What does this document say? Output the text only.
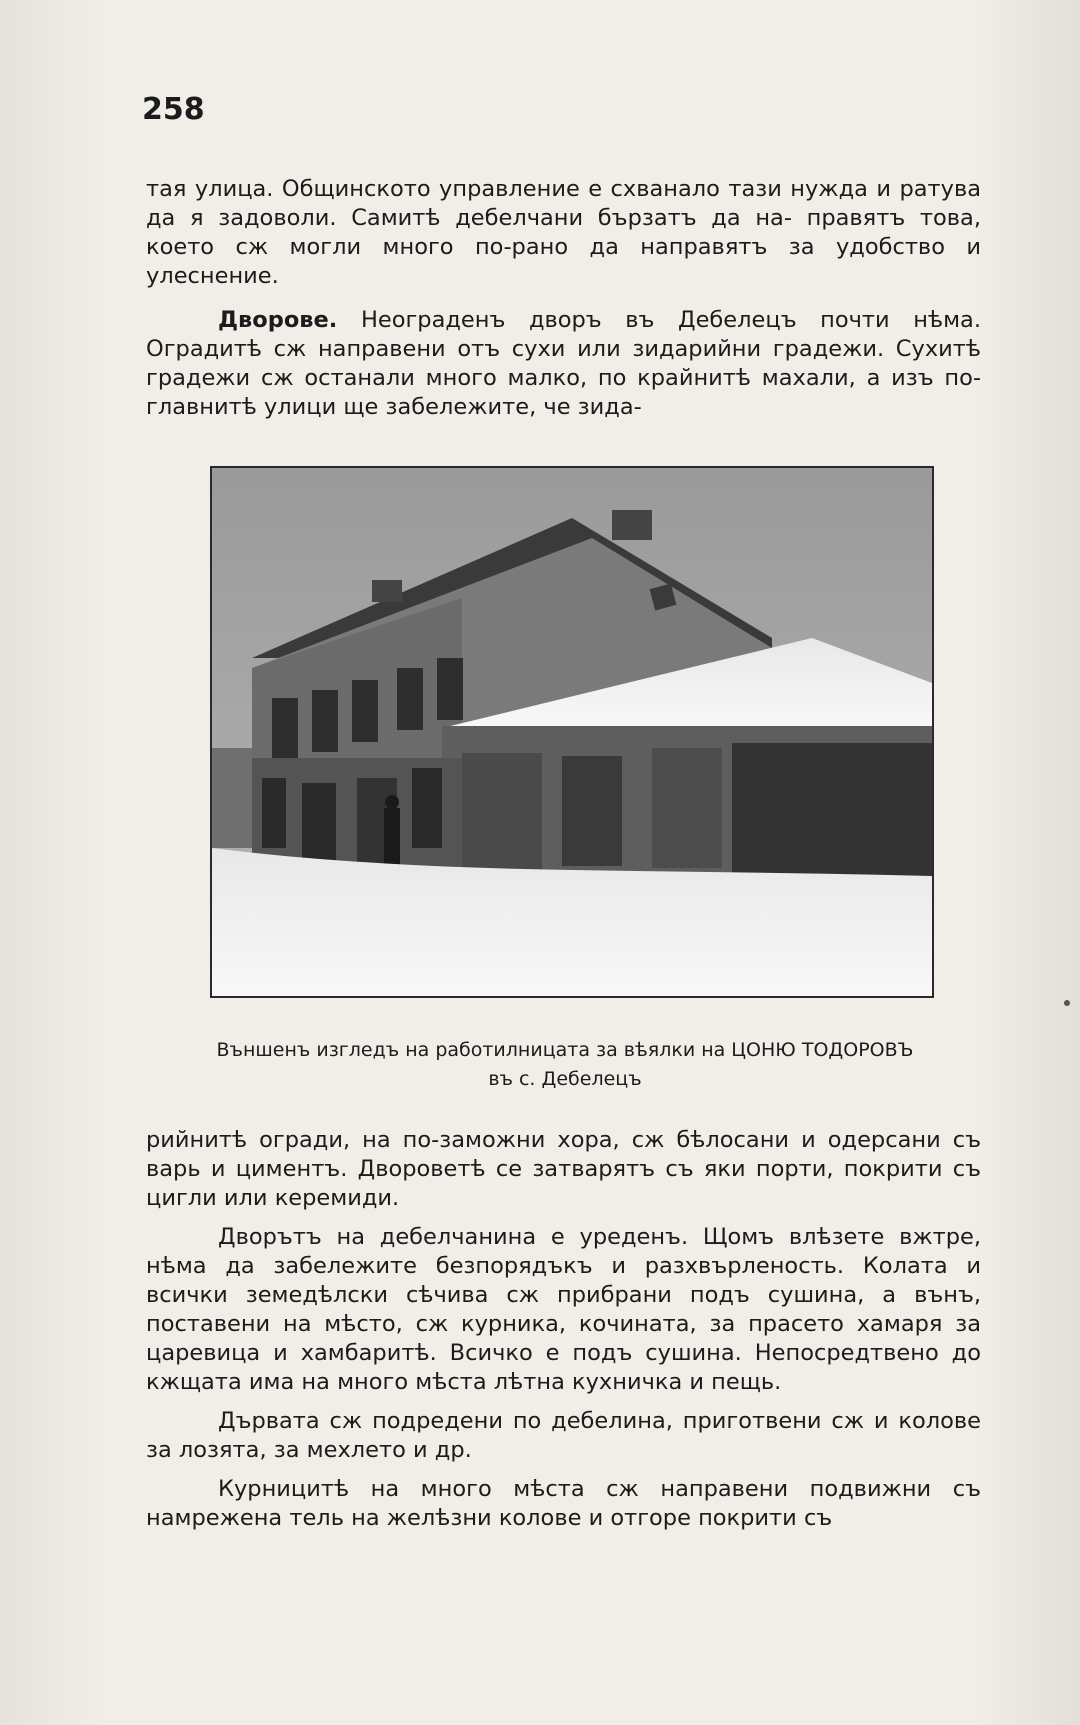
258

тая улица. Общинското управление е схванало тази нужда и ратува да я задоволи. Самитѣ дебелчани бързатъ да на- правятъ това, което сж могли много по-рано да направятъ за удобство и улеснение.

Дворове. Неограденъ дворъ въ Дебелецъ почти нѣма. Оградитѣ сж направени отъ сухи или зидарийни градежи. Сухитѣ градежи сж останали много малко, по крайнитѣ махали, а изъ по-главнитѣ улици ще забележите, че зида-

Външенъ изгледъ на работилницата за вѣялки на ЦОНЮ ТОДОРОВЪ
въ с. Дебелецъ

рийнитѣ огради, на по-заможни хора, сж бѣлосани и одерсани съ варь и циментъ. Дворовeтѣ се затварятъ съ яки порти, покрити съ цигли или керемиди.

Дворътъ на дебелчанина е уреденъ. Щомъ влѣзете вжтре, нѣма да забележите безпорядъкъ и разхвърленость. Колата и всички земедѣлски сѣчива сж прибрани подъ сушина, а вънъ, поставени на мѣсто, сж курника, кочината, за прасето хамаря за царевица и хамбаритѣ. Всичко е подъ сушина. Непосредтвено до кжщата има на много мѣста лѣтна кухничка и пещь.

Дървата сж подредени по дебелина, приготвени сж и колове за лозята, за мехлето и др.

Курницитѣ на много мѣста сж направени подвижни съ намрежена тель на желѣзни колове и отгоре покрити съ
